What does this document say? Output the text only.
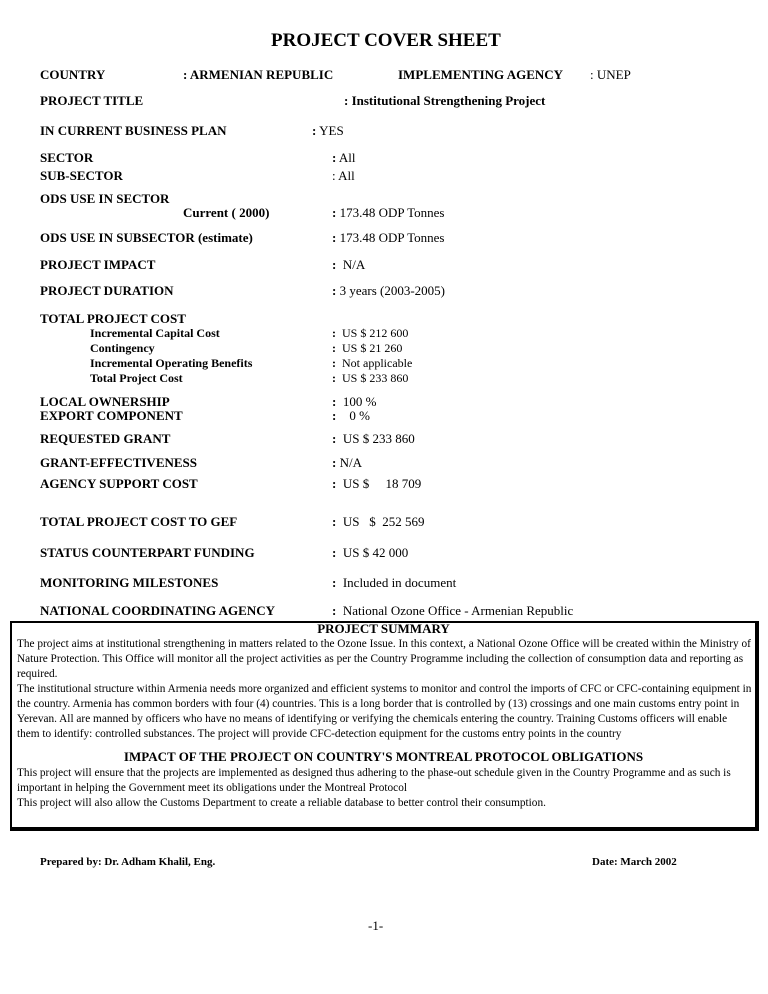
PROJECT COVER SHEET
COUNTRY	: ARMENIAN REPUBLIC	IMPLEMENTING AGENCY : UNEP
PROJECT TITLE	: Institutional Strengthening Project
IN CURRENT BUSINESS PLAN	: YES
SECTOR	: All
SUB-SECTOR	: All
ODS USE IN SECTOR
Current ( 2000)	: 173.48 ODP Tonnes
ODS USE IN SUBSECTOR (estimate)	: 173.48 ODP Tonnes
PROJECT IMPACT	: N/A
PROJECT DURATION	: 3 years (2003-2005)
TOTAL PROJECT COST
Incremental Capital Cost	: US $ 212 600
Contingency	: US $ 21 260
Incremental Operating Benefits	: Not applicable
Total Project Cost	: US $ 233 860
LOCAL OWNERSHIP	: 100 %
EXPORT COMPONENT	: 0 %
REQUESTED GRANT	: US $ 233 860
GRANT-EFFECTIVENESS	: N/A
AGENCY SUPPORT COST	: US $     18 709
TOTAL PROJECT COST TO GEF	: US   $  252 569
STATUS COUNTERPART FUNDING	: US $ 42 000
MONITORING MILESTONES	: Included in document
NATIONAL COORDINATING AGENCY	: National Ozone Office - Armenian Republic
PROJECT SUMMARY
The project aims at institutional strengthening in matters related to the Ozone Issue. In this context, a National Ozone Office will be created within the Ministry of Nature Protection. This Office will monitor all the project activities as per the Country Programme including the collection of consumption data and reporting as required.
The institutional structure within Armenia needs more organized and efficient systems to monitor and control the imports of CFC or CFC-containing equipment in the country. Armenia has common borders with four (4) countries. This is a long border that is controlled by (13) crossings and one main customs entry point in Yerevan. All are manned by officers who have no means of identifying or verifying the chemicals entering the country. Training Customs officers will enable them to identify: controlled substances. The project will provide CFC-detection equipment for the customs entry points in the country
IMPACT OF THE PROJECT ON COUNTRY'S MONTREAL PROTOCOL OBLIGATIONS
This project will ensure that the projects are implemented as designed thus adhering to the phase-out schedule given in the Country Programme and as such is important in helping the Government meet its obligations under the Montreal Protocol
This project will also allow the Customs Department to create a reliable database to better control their consumption.
Prepared by: Dr. Adham Khalil, Eng.	Date: March 2002
-1-
